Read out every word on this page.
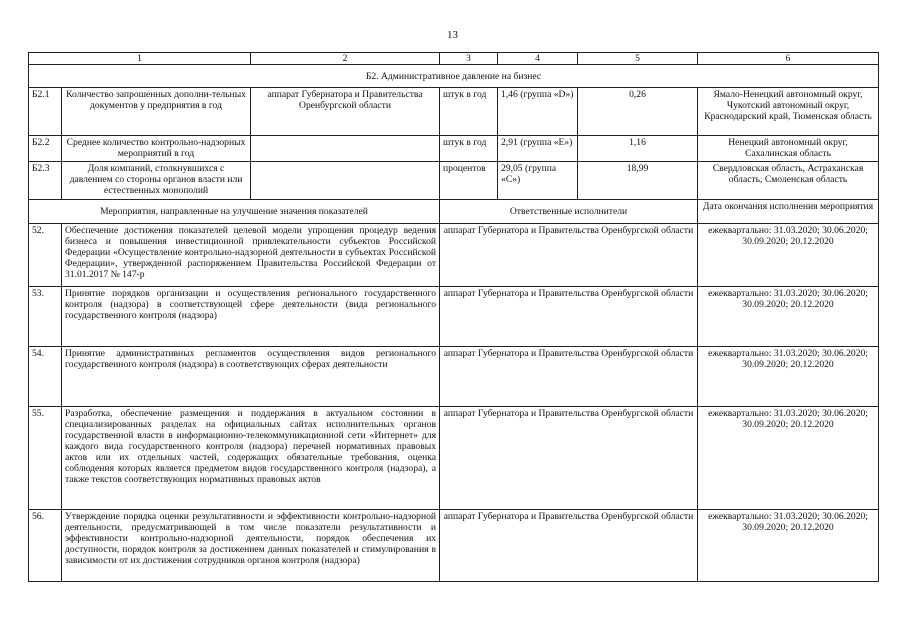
13
1		2	3	4	5	6
Б2. Административное давление на бизнес						
Б2.1	Количество запрошенных дополни-тельных документов у предприятия в год	аппарат Губернатора и Правительства Оренбургской области	штук в год	1,46 (группа «D»)	0,26	Ямало-Ненецкий автономный округ, Чукотский автономный округ, Краснодарский край, Тюменская область
Б2.2	Среднее количество контрольно-надзорных мероприятий в год		штук в год	2,91 (группа «Е»)	1,16	Ненецкий автономный округ, Сахалинская область
Б2.3	Доля компаний, столкнувшихся с давлением со стороны органов власти или естественных монополий		процентов	29,05 (группа «С»)	18,99	Свердловская область, Астраханская область, Смоленская область
Мероприятия, направленные на улучшение значения показателей			Ответственные исполнители			Дата окончания исполнения мероприятия
52.	Обеспечение достижения показателей целевой модели упрощения процедур ведения бизнеса и повышения инвестиционной привлекательности субъектов Российской Федерации «Осуществление контрольно-надзорной деятельности в субъектах Российской Федерации», утвержденной распоряжением Правительства Российской Федерации от 31.01.2017 № 147-р		аппарат Губернатора и Правительства Оренбургской области			ежеквартально: 31.03.2020; 30.06.2020; 30.09.2020; 20.12.2020
53.	Принятие порядков организации и осуществления регионального государственного контроля (надзора) в соответствующей сфере деятельности (вида регионального государственного контроля (надзора)		аппарат Губернатора и Правительства Оренбургской области			ежеквартально: 31.03.2020; 30.06.2020; 30.09.2020; 20.12.2020
54.	Принятие административных регламентов осуществления видов регионального государственного контроля (надзора) в соответствующих сферах деятельности		аппарат Губернатора и Правительства Оренбургской области			ежеквартально: 31.03.2020; 30.06.2020; 30.09.2020; 20.12.2020
55.	Разработка, обеспечение размещения и поддержания в актуальном состоянии в специализированных разделах на официальных сайтах исполнительных органов государственной власти в информационно-телекоммуникационной сети «Интернет» для каждого вида государственного контроля (надзора) перечней нормативных правовых актов или их отдельных частей, содержащих обязательные требования, оценка соблюдения которых является предметом видов государственного контроля (надзора), а также текстов соответствующих нормативных правовых актов		аппарат Губернатора и Правительства Оренбургской области			ежеквартально: 31.03.2020; 30.06.2020; 30.09.2020; 20.12.2020
56.	Утверждение порядка оценки результативности и эффективности контрольно-надзорной деятельности, предусматривающей в том числе показатели результативности и эффективности контрольно-надзорной деятельности, порядок обеспечения их доступности, порядок контроля за достижением данных показателей и стимулирования в зависимости от их достижения сотрудников органов контроля (надзора)		аппарат Губернатора и Правительства Оренбургской области			ежеквартально: 31.03.2020; 30.06.2020; 30.09.2020; 20.12.2020
